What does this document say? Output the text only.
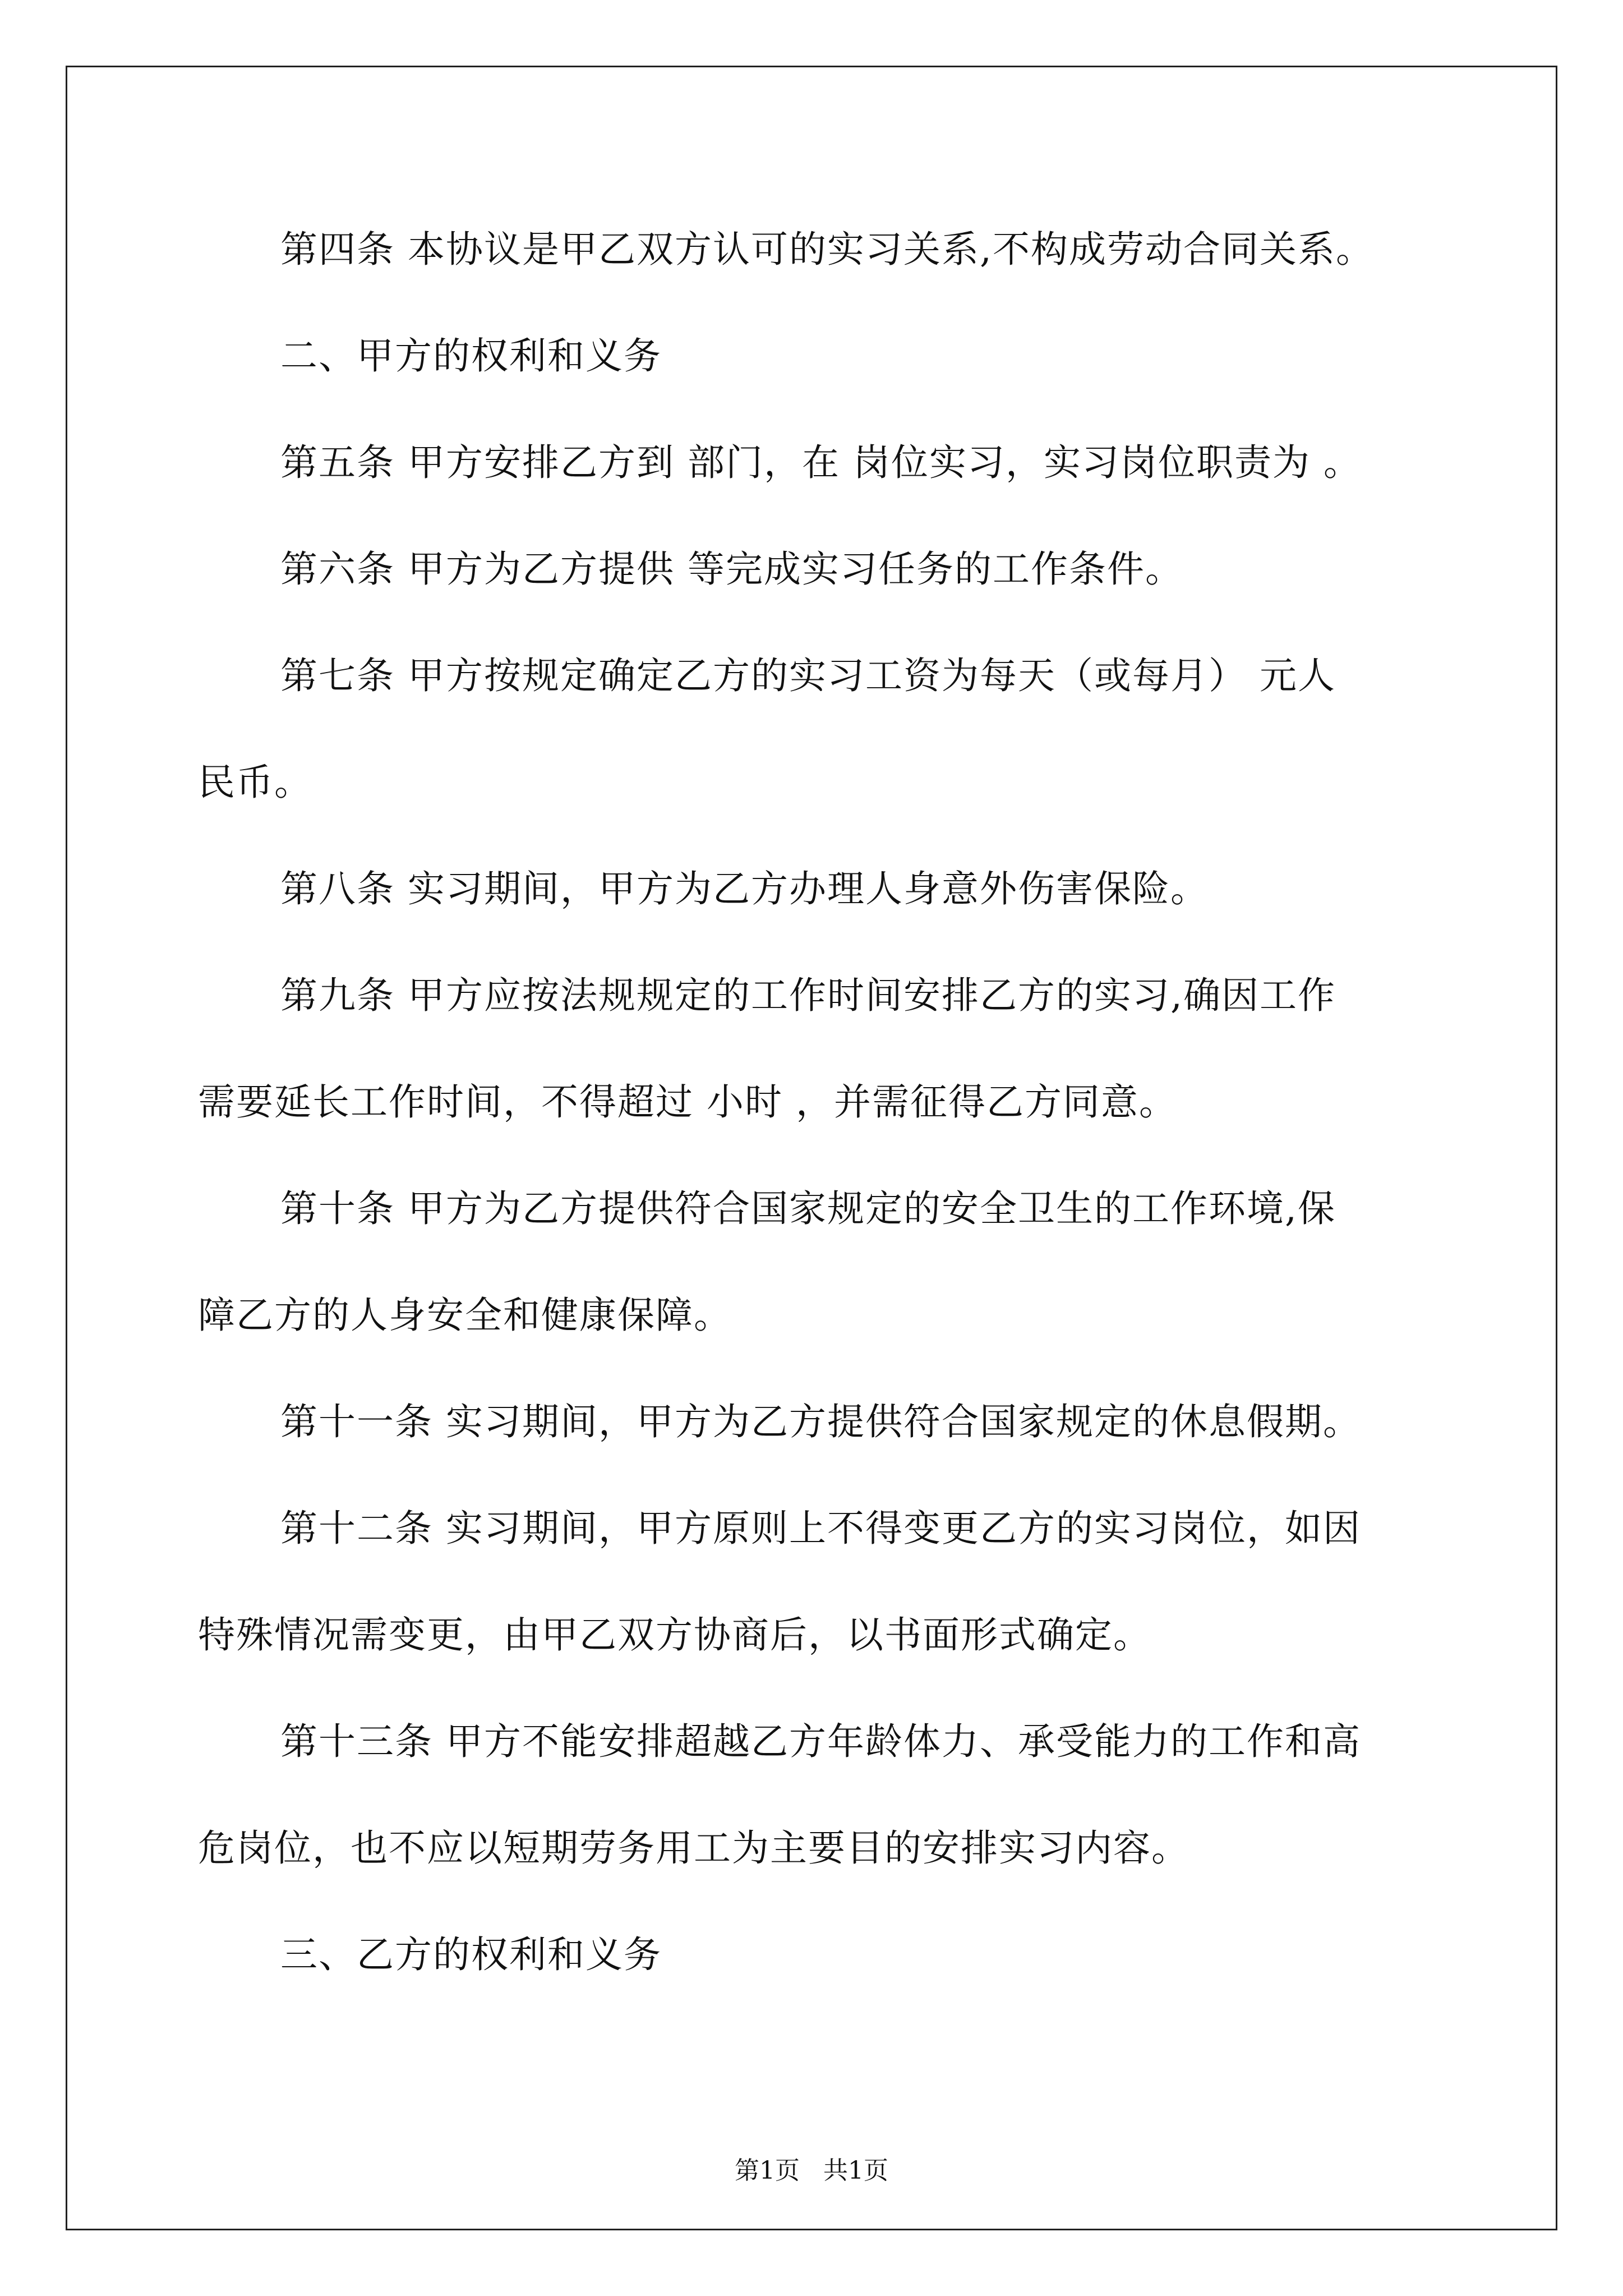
第四条 本协议是甲乙双方认可的实习关系,不构成劳动合同关系。
二、甲方的权利和义务
第五条 甲方安排乙方到 部门，在 岗位实习，实习岗位职责为 。
第六条 甲方为乙方提供 等完成实习任务的工作条件。
第七条 甲方按规定确定乙方的实习工资为每天（或每月） 元人
民币。
第八条 实习期间，甲方为乙方办理人身意外伤害保险。
第九条 甲方应按法规规定的工作时间安排乙方的实习,确因工作
需要延长工作时间，不得超过 小时 ，并需征得乙方同意。
第十条 甲方为乙方提供符合国家规定的安全卫生的工作环境,保
障乙方的人身安全和健康保障。
第十一条 实习期间，甲方为乙方提供符合国家规定的休息假期。
第十二条 实习期间，甲方原则上不得变更乙方的实习岗位，如因
特殊情况需变更，由甲乙双方协商后，以书面形式确定。
第十三条 甲方不能安排超越乙方年龄体力、承受能力的工作和高
危岗位，也不应以短期劳务用工为主要目的安排实习内容。
三、乙方的权利和义务
第1页   共1页
